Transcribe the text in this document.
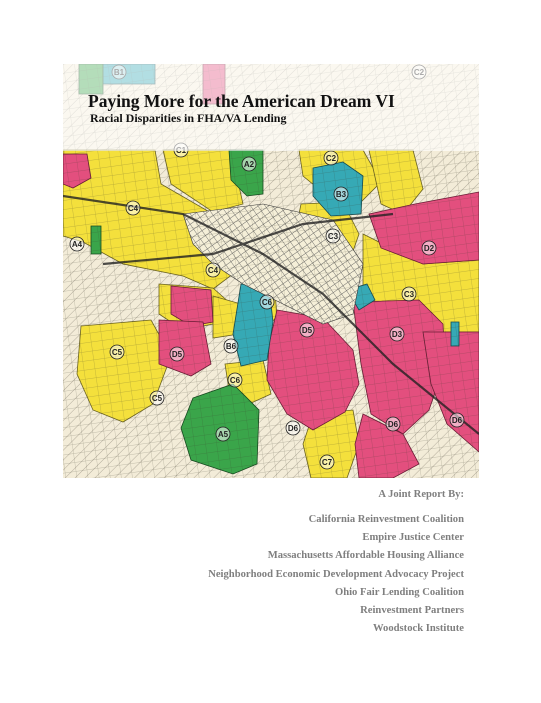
C2
A2
B3
C3
C4
A4	D2
C4
C5	D5
C6
B6
C3
D5	D3
C5
C6
D6
A5
D6	D6
C7
Paying More for the American Dream VI
Racial Disparities in FHA/VA Lending

A Joint Report By:

California Reinvestment Coalition
Empire Justice Center
Massachusetts Affordable Housing Alliance
Neighborhood Economic Development Advocacy Project
Ohio Fair Lending Coalition
Reinvestment Partners
Woodstock Institute
